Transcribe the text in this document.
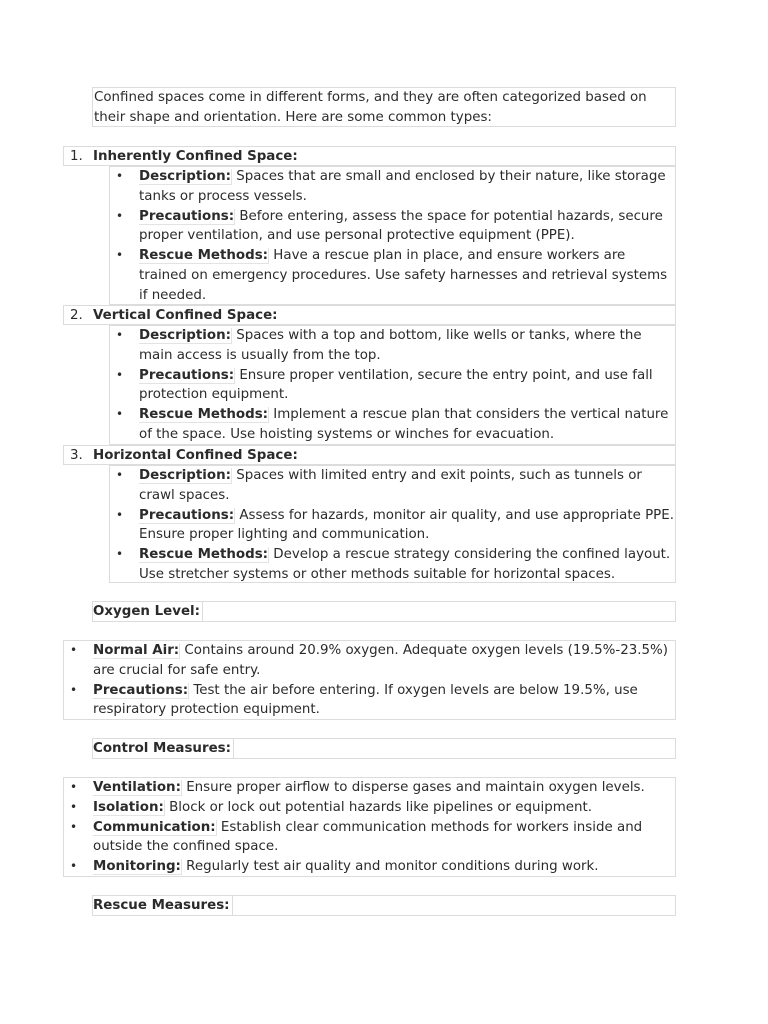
Confined spaces come in different forms, and they are often categorized based on their shape and orientation. Here are some common types:
1. Inherently Confined Space:
• Description: Spaces that are small and enclosed by their nature, like storage tanks or process vessels.
• Precautions: Before entering, assess the space for potential hazards, secure proper ventilation, and use personal protective equipment (PPE).
• Rescue Methods: Have a rescue plan in place, and ensure workers are trained on emergency procedures. Use safety harnesses and retrieval systems if needed.
2. Vertical Confined Space:
• Description: Spaces with a top and bottom, like wells or tanks, where the main access is usually from the top.
• Precautions: Ensure proper ventilation, secure the entry point, and use fall protection equipment.
• Rescue Methods: Implement a rescue plan that considers the vertical nature of the space. Use hoisting systems or winches for evacuation.
3. Horizontal Confined Space:
• Description: Spaces with limited entry and exit points, such as tunnels or crawl spaces.
• Precautions: Assess for hazards, monitor air quality, and use appropriate PPE. Ensure proper lighting and communication.
• Rescue Methods: Develop a rescue strategy considering the confined layout. Use stretcher systems or other methods suitable for horizontal spaces.
Oxygen Level:
• Normal Air: Contains around 20.9% oxygen. Adequate oxygen levels (19.5%-23.5%) are crucial for safe entry.
• Precautions: Test the air before entering. If oxygen levels are below 19.5%, use respiratory protection equipment.
Control Measures:
• Ventilation: Ensure proper airflow to disperse gases and maintain oxygen levels.
• Isolation: Block or lock out potential hazards like pipelines or equipment.
• Communication: Establish clear communication methods for workers inside and outside the confined space.
• Monitoring: Regularly test air quality and monitor conditions during work.
Rescue Measures:
